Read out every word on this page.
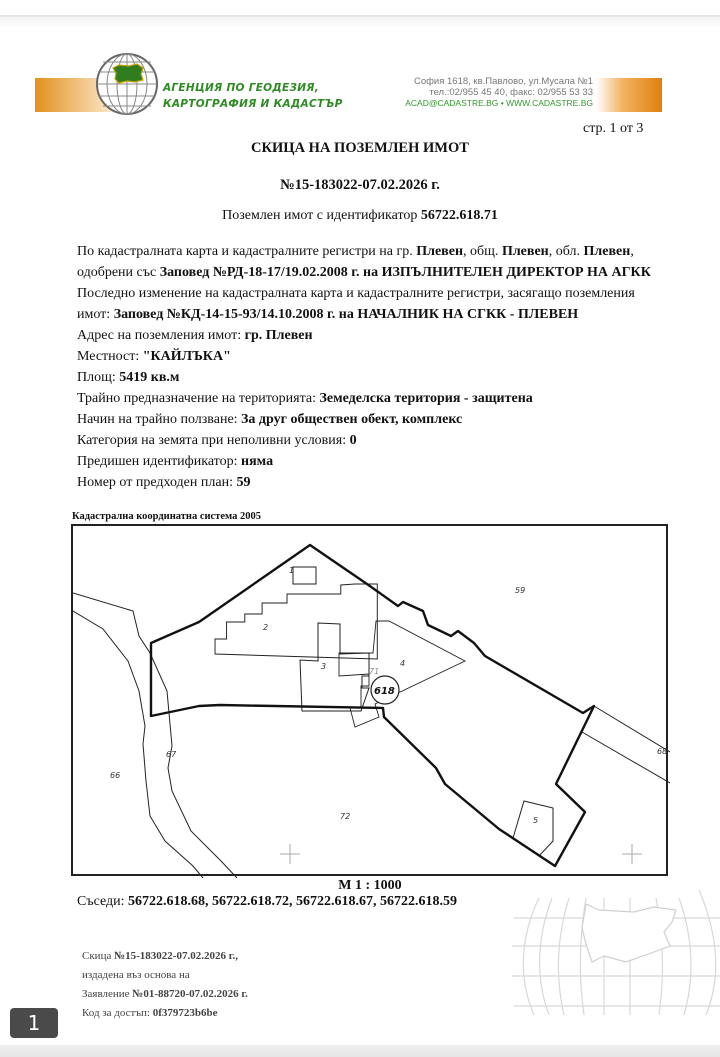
АГЕНЦИЯ ПО ГЕОДЕЗИЯ,
КАРТОГРАФИЯ И КАДАСТЪР
София 1618, кв.Павлово, ул.Мусала №1
тел.:02/955 45 40, факс: 02/955 53 33
ACAD@CADASTRE.BG • WWW.CADASTRE.BG
стр. 1 от 3
СКИЦА НА ПОЗЕМЛЕН ИМОТ
№15-183022-07.02.2026 г.
Поземлен имот с идентификатор 56722.618.71

По кадастралната карта и кадастралните регистри на гр. Плевен, общ. Плевен, обл. Плевен, одобрени със Заповед №РД-18-17/19.02.2008 г. на ИЗПЪЛНИТЕЛЕН ДИРЕКТОР НА АГКК

Последно изменение на кадастралната карта и кадастралните регистри, засягащо поземления имот: Заповед №КД-14-15-93/14.10.2008 г. на НАЧАЛНИК НА СГКК - ПЛЕВЕН

Адрес на поземления имот: гр. Плевен

Местност: "КАЙЛЪКА"

Площ: 5419 кв.м

Трайно предназначение на територията: Земеделска територия - защитена

Начин на трайно ползване: За друг обществен обект, комплекс

Категория на земята при неполивни условия: 0

Предишен идентификатор: няма

Номер от предходен план: 59

Кадастрална координатна система 2005
1
2
3	4
5
71
618
59
66
67	68
72
М 1 : 1000
Съседи: 56722.618.68, 56722.618.72, 56722.618.67, 56722.618.59

Скица №15-183022-07.02.2026 г.,

издадена въз основа на

Заявление №01-88720-07.02.2026 г.

Код за достъп: 0f379723b6be

1
